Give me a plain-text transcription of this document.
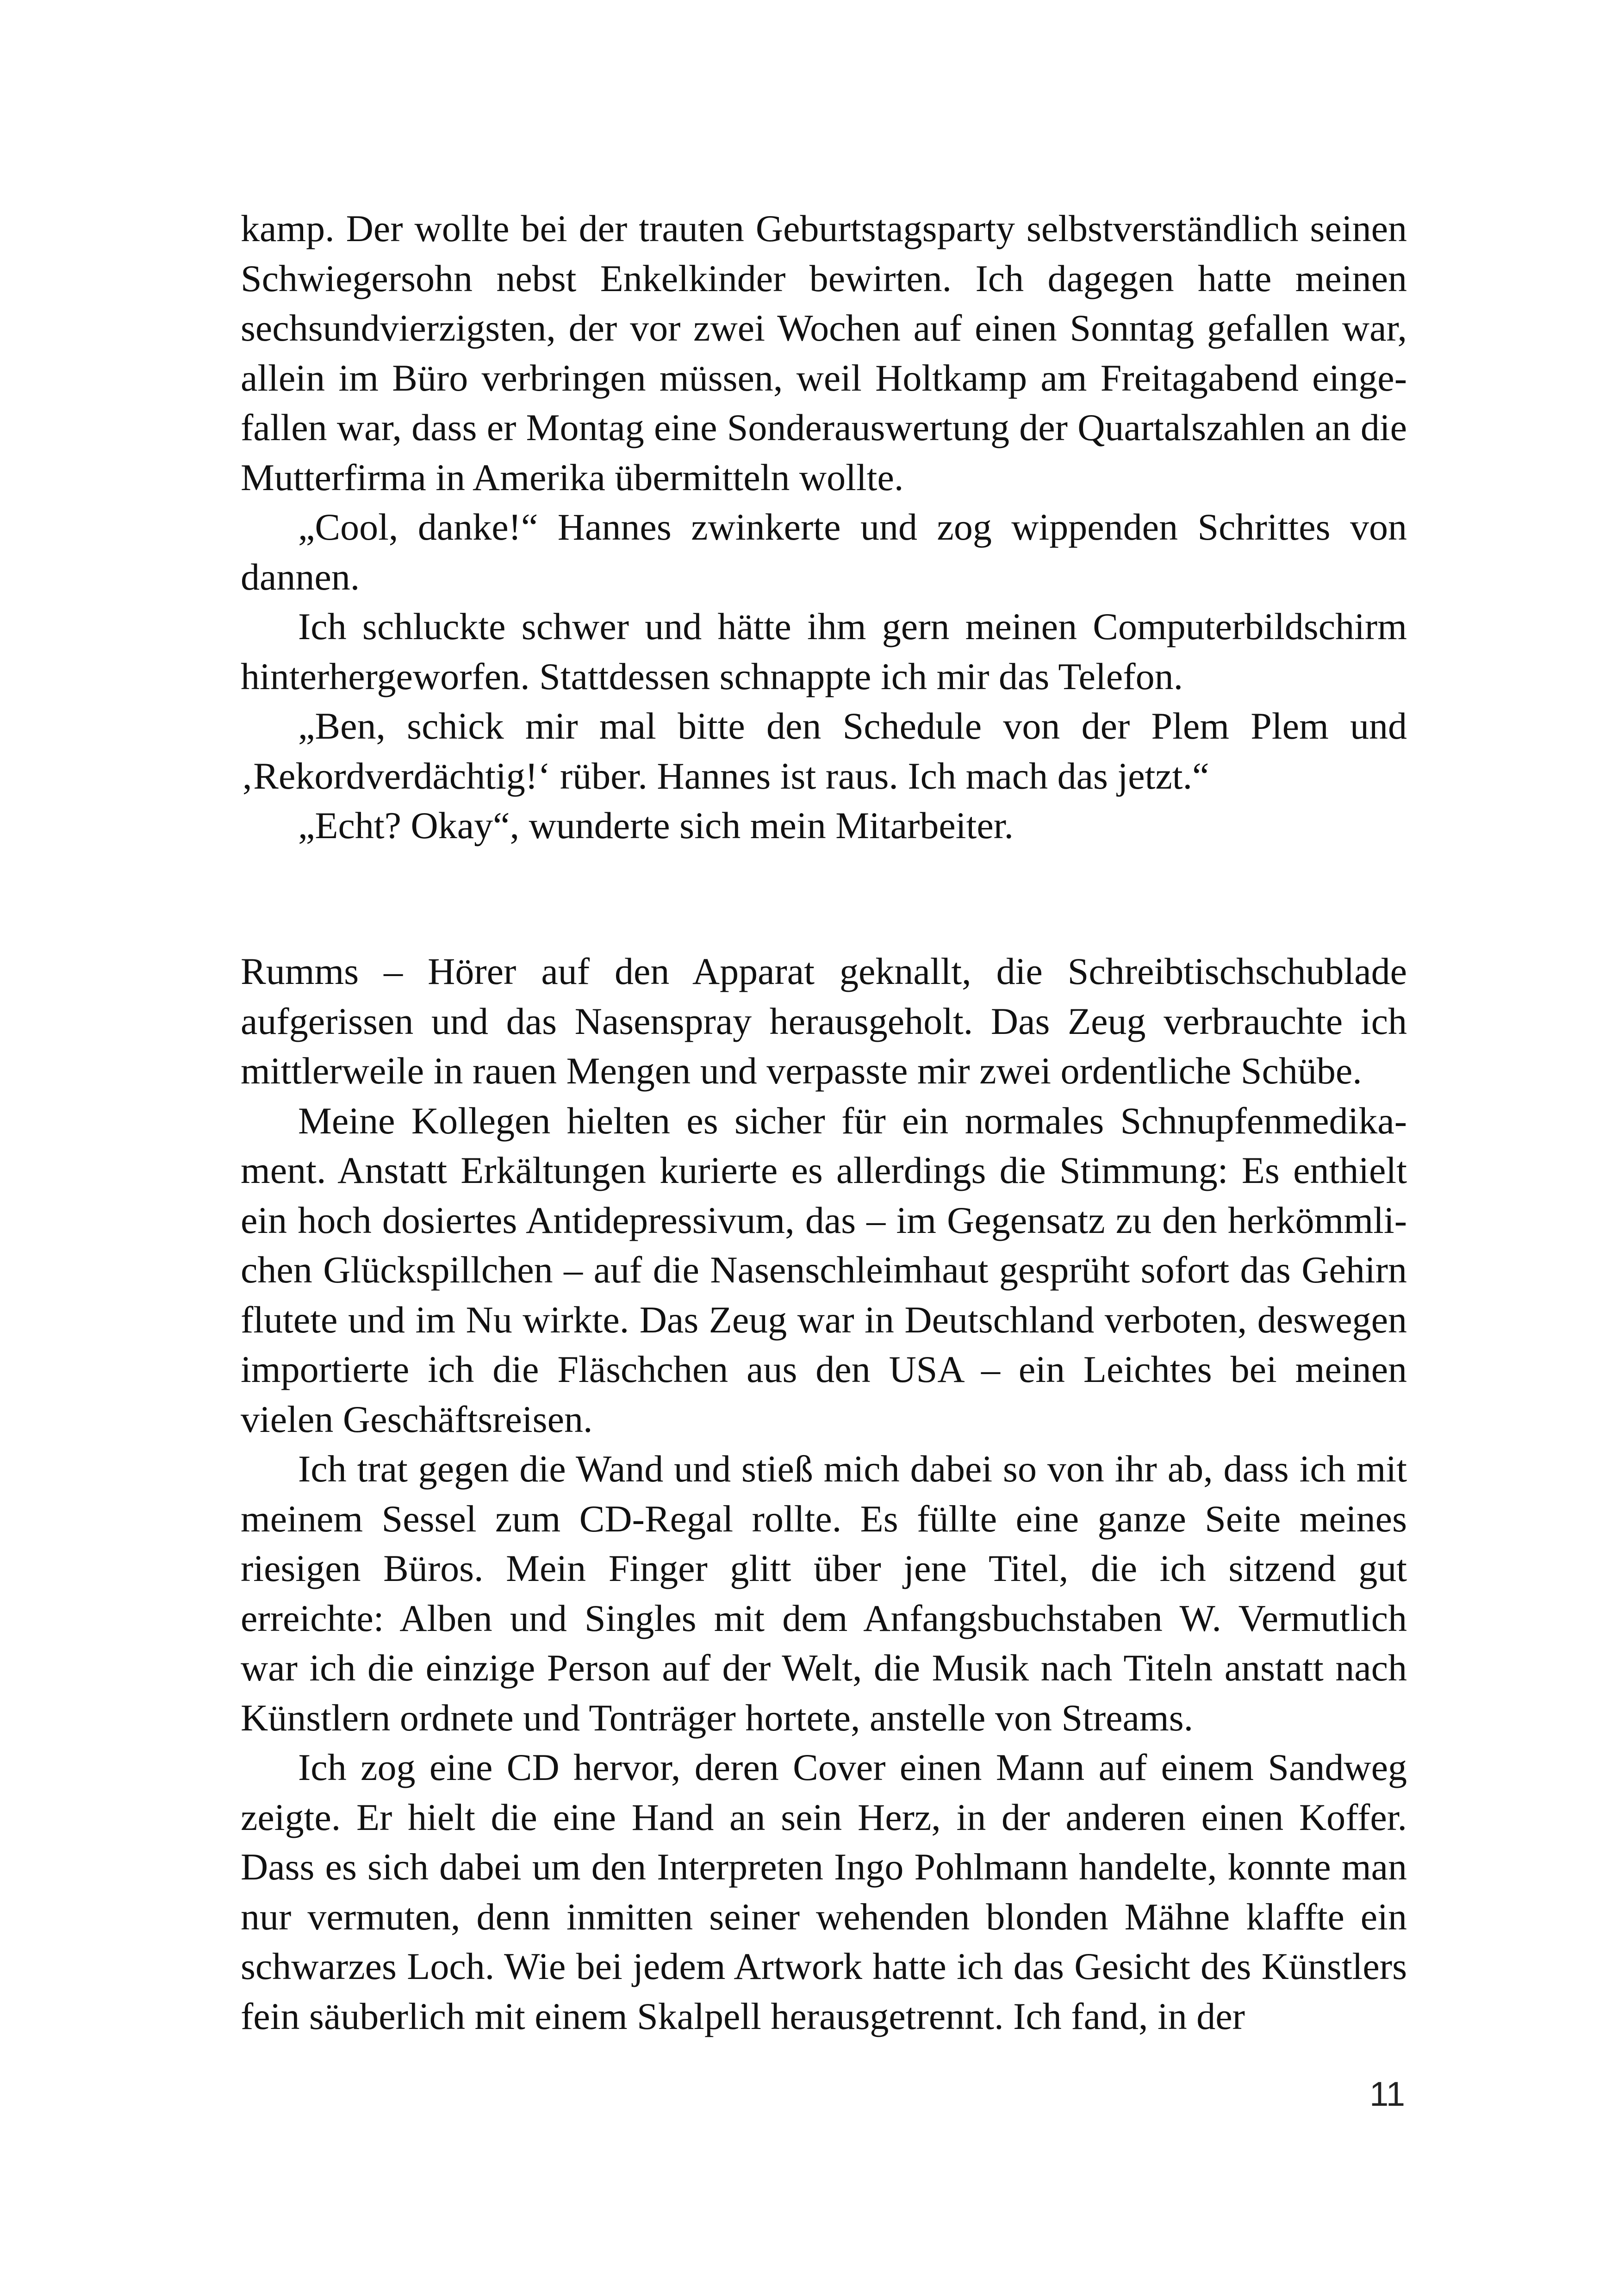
kamp. Der wollte bei der trauten Geburtstagsparty selbstverständlich seinen Schwiegersohn nebst Enkelkinder bewirten. Ich dagegen hatte meinen sechsundvierzigsten, der vor zwei Wochen auf einen Sonntag gefallen war, allein im Büro verbringen müssen, weil Holtkamp am Freitagabend eingefallen war, dass er Montag eine Sonderauswertung der Quartalszahlen an die Mutterfirma in Amerika übermitteln wollte.

„Cool, danke!“ Hannes zwinkerte und zog wippenden Schrittes von dannen.

Ich schluckte schwer und hätte ihm gern meinen Computerbildschirm hinterhergeworfen. Stattdessen schnappte ich mir das Telefon.

„Ben, schick mir mal bitte den Schedule von der Plem Plem und ‚Rekordverdächtig!‘ rüber. Hannes ist raus. Ich mach das jetzt.“

„Echt? Okay“, wunderte sich mein Mitarbeiter.

Rumms – Hörer auf den Apparat geknallt, die Schreibtischschublade aufgerissen und das Nasenspray herausgeholt. Das Zeug verbrauchte ich mittlerweile in rauen Mengen und verpasste mir zwei ordentliche Schübe.

Meine Kollegen hielten es sicher für ein normales Schnupfenmedikament. Anstatt Erkältungen kurierte es allerdings die Stimmung: Es enthielt ein hoch dosiertes Antidepressivum, das – im Gegensatz zu den herkömmlichen Glückspillchen – auf die Nasenschleimhaut gesprüht sofort das Gehirn flutete und im Nu wirkte. Das Zeug war in Deutschland verboten, deswegen importierte ich die Fläschchen aus den USA – ein Leichtes bei meinen vielen Geschäftsreisen.

Ich trat gegen die Wand und stieß mich dabei so von ihr ab, dass ich mit meinem Sessel zum CD-Regal rollte. Es füllte eine ganze Seite meines riesigen Büros. Mein Finger glitt über jene Titel, die ich sitzend gut erreichte: Alben und Singles mit dem Anfangsbuchstaben W. Vermutlich war ich die einzige Person auf der Welt, die Musik nach Titeln anstatt nach Künstlern ordnete und Tonträger hortete, anstelle von Streams.

Ich zog eine CD hervor, deren Cover einen Mann auf einem Sandweg zeigte. Er hielt die eine Hand an sein Herz, in der anderen einen Koffer. Dass es sich dabei um den Interpreten Ingo Pohlmann handelte, konnte man nur vermuten, denn inmitten seiner wehenden blonden Mähne klaffte ein schwarzes Loch. Wie bei jedem Artwork hatte ich das Gesicht des Künstlers fein säuberlich mit einem Skalpell herausgetrennt. Ich fand, in der

11
